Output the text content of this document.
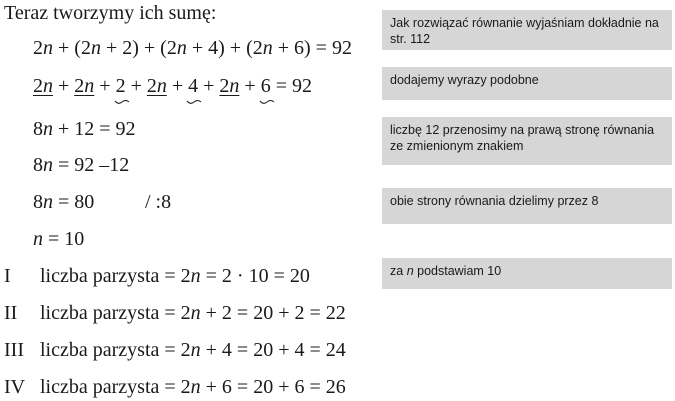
Teraz tworzymy ich sumę:
2n + (2n + 2) + (2n + 4) + (2n + 6) = 92
2n + 2n + 2
+ 2n + 4
+ 2n + 6
= 92
8n + 12 = 92
8n = 92 –12
8n = 80	/ :8
n = 10
I liczba parzysta = 2n = 2 · 10 = 20
II liczba parzysta = 2n + 2 = 20 + 2 = 22
III liczba parzysta = 2n + 4 = 20 + 4 = 24
IV liczba parzysta = 2n + 6 = 20 + 6 = 26
Jak rozwiązać równanie wyjaśniam dokładnie na str. 112
dodajemy wyrazy podobne
liczbę 12 przenosimy na prawą stronę równania ze zmienionym znakiem
obie strony równania dzielimy przez 8
za n podstawiam 10
